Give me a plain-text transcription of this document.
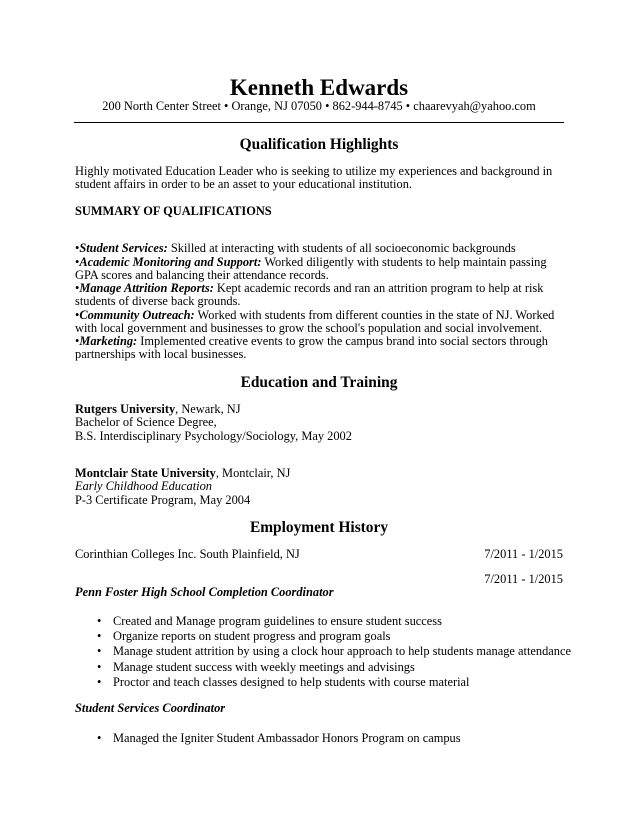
Kenneth Edwards
200 North Center Street • Orange, NJ 07050 • 862-944-8745 • chaarevyah@yahoo.com
Qualification Highlights
Highly motivated Education Leader who is seeking to utilize my experiences and background in student affairs in order to be an asset to your educational institution.
SUMMARY OF QUALIFICATIONS
•Student Services: Skilled at interacting with students of all socioeconomic backgrounds
•Academic Monitoring and Support: Worked diligently with students to help maintain passing GPA scores and balancing their attendance records.
•Manage Attrition Reports: Kept academic records and ran an attrition program to help at risk students of diverse back grounds.
•Community Outreach: Worked with students from different counties in the state of NJ. Worked with local government and businesses to grow the school's population and social involvement.
•Marketing: Implemented creative events to grow the campus brand into social sectors through partnerships with local businesses.
Education and Training
Rutgers University, Newark, NJ
Bachelor of Science Degree,
B.S. Interdisciplinary Psychology/Sociology, May 2002
Montclair State University, Montclair, NJ
Early Childhood Education
P-3 Certificate Program, May 2004
Employment History
Corinthian Colleges Inc. South Plainfield, NJ	7/2011 - 1/2015
7/2011 - 1/2015
Penn Foster High School Completion Coordinator
• Created and Manage program guidelines to ensure student success
• Organize reports on student progress and program goals
• Manage student attrition by using a clock hour approach to help students manage attendance
• Manage student success with weekly meetings and advisings
• Proctor and teach classes designed to help students with course material
Student Services Coordinator
• Managed the Igniter Student Ambassador Honors Program on campus
